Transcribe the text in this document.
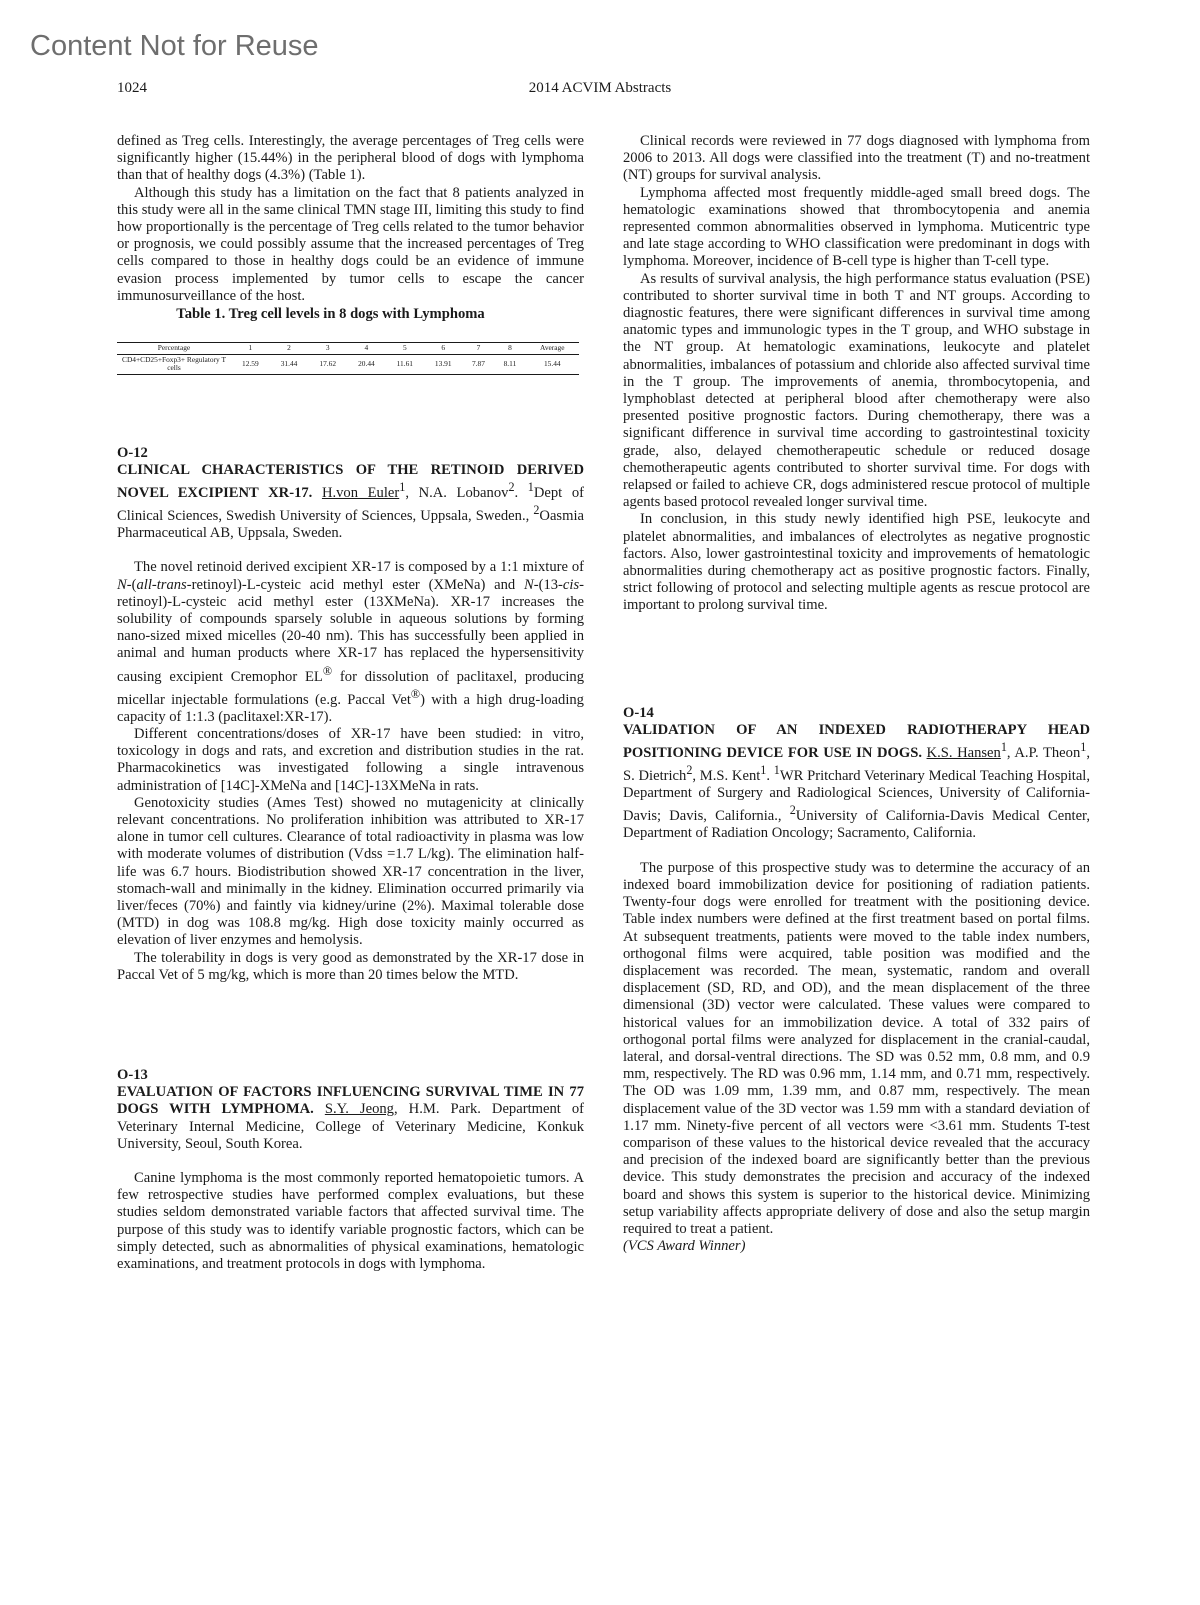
Content Not for Reuse
1024	2014 ACVIM Abstracts

defined as Treg cells. Interestingly, the average percentages of Treg cells were significantly higher (15.44%) in the peripheral blood of dogs with lymphoma than that of healthy dogs (4.3%) (Table 1).

Although this study has a limitation on the fact that 8 patients analyzed in this study were all in the same clinical TMN stage III, limiting this study to find how proportionally is the percentage of Treg cells related to the tumor behavior or prognosis, we could possibly assume that the increased percentages of Treg cells compared to those in healthy dogs could be an evidence of immune evasion process implemented by tumor cells to escape the cancer immunosurveillance of the host.

Table 1. Treg cell levels in 8 dogs with Lymphoma

Percentage	1	2	3	4	5	6	7	8	Average
CD4+CD25+Foxp3+ Regulatory T cells	12.59	31.44	17.62	20.44	11.61	13.91	7.87	8.11	15.44

O-12

CLINICAL CHARACTERISTICS OF THE RETINOID DERIVED NOVEL EXCIPIENT XR-17. H.von Euler$^1$, N.A. Lobanov$^2$. $^1$Dept of Clinical Sciences, Swedish University of Sciences, Uppsala, Sweden., $^2$Oasmia Pharmaceutical AB, Uppsala, Sweden.

The novel retinoid derived excipient XR-17 is composed by a 1:1 mixture of N-(all-trans-retinoyl)-L-cysteic acid methyl ester (XMeNa) and N-(13-cis-retinoyl)-L-cysteic acid methyl ester (13XMeNa). XR-17 increases the solubility of compounds sparsely soluble in aqueous solutions by forming nano-sized mixed micelles (20-40 nm). This has successfully been applied in animal and human products where XR-17 has replaced the hypersensitivity causing excipient Cremophor EL® for dissolution of paclitaxel, producing micellar injectable formulations (e.g. Paccal Vet®) with a high drug-loading capacity of 1:1.3 (paclitaxel:XR-17).

Different concentrations/doses of XR-17 have been studied: in vitro, toxicology in dogs and rats, and excretion and distribution studies in the rat. Pharmacokinetics was investigated following a single intravenous administration of [14C]-XMeNa and [14C]-13XMeNa in rats.

Genotoxicity studies (Ames Test) showed no mutagenicity at clinically relevant concentrations. No proliferation inhibition was attributed to XR-17 alone in tumor cell cultures. Clearance of total radioactivity in plasma was low with moderate volumes of distribution (Vdss =1.7 L/kg). The elimination half-life was 6.7 hours. Biodistribution showed XR-17 concentration in the liver, stomach-wall and minimally in the kidney. Elimination occurred primarily via liver/feces (70%) and faintly via kidney/urine (2%). Maximal tolerable dose (MTD) in dog was 108.8 mg/kg. High dose toxicity mainly occurred as elevation of liver enzymes and hemolysis.

The tolerability in dogs is very good as demonstrated by the XR-17 dose in Paccal Vet of 5 mg/kg, which is more than 20 times below the MTD.

O-13

EVALUATION OF FACTORS INFLUENCING SURVIVAL TIME IN 77 DOGS WITH LYMPHOMA. S.Y. Jeong, H.M. Park. Department of Veterinary Internal Medicine, College of Veterinary Medicine, Konkuk University, Seoul, South Korea.

Canine lymphoma is the most commonly reported hematopoietic tumors. A few retrospective studies have performed complex evaluations, but these studies seldom demonstrated variable factors that affected survival time. The purpose of this study was to identify variable prognostic factors, which can be simply detected, such as abnormalities of physical examinations, hematologic examinations, and treatment protocols in dogs with lymphoma.

Clinical records were reviewed in 77 dogs diagnosed with lymphoma from 2006 to 2013. All dogs were classified into the treatment (T) and no-treatment (NT) groups for survival analysis.

Lymphoma affected most frequently middle-aged small breed dogs. The hematologic examinations showed that thrombocytopenia and anemia represented common abnormalities observed in lymphoma. Muticentric type and late stage according to WHO classification were predominant in dogs with lymphoma. Moreover, incidence of B-cell type is higher than T-cell type.

As results of survival analysis, the high performance status evaluation (PSE) contributed to shorter survival time in both T and NT groups. According to diagnostic features, there were significant differences in survival time among anatomic types and immunologic types in the T group, and WHO substage in the NT group. At hematologic examinations, leukocyte and platelet abnormalities, imbalances of potassium and chloride also affected survival time in the T group. The improvements of anemia, thrombocytopenia, and lymphoblast detected at peripheral blood after chemotherapy were also presented positive prognostic factors. During chemotherapy, there was a significant difference in survival time according to gastrointestinal toxicity grade, also, delayed chemotherapeutic schedule or reduced dosage chemotherapeutic agents contributed to shorter survival time. For dogs with relapsed or failed to achieve CR, dogs administered rescue protocol of multiple agents based protocol revealed longer survival time.

In conclusion, in this study newly identified high PSE, leukocyte and platelet abnormalities, and imbalances of electrolytes as negative prognostic factors. Also, lower gastrointestinal toxicity and improvements of hematologic abnormalities during chemotherapy act as positive prognostic factors. Finally, strict following of protocol and selecting multiple agents as rescue protocol are important to prolong survival time.

O-14

VALIDATION OF AN INDEXED RADIOTHERAPY HEAD POSITIONING DEVICE FOR USE IN DOGS. K.S. Hansen$^1$, A.P. Theon$^1$, S. Dietrich$^2$, M.S. Kent$^1$. $^1$WR Pritchard Veterinary Medical Teaching Hospital, Department of Surgery and Radiological Sciences, University of California-Davis; Davis, California., $^2$University of California-Davis Medical Center, Department of Radiation Oncology; Sacramento, California.

The purpose of this prospective study was to determine the accuracy of an indexed board immobilization device for positioning of radiation patients. Twenty-four dogs were enrolled for treatment with the positioning device. Table index numbers were defined at the first treatment based on portal films. At subsequent treatments, patients were moved to the table index numbers, orthogonal films were acquired, table position was modified and the displacement was recorded. The mean, systematic, random and overall displacement (SD, RD, and OD), and the mean displacement of the three dimensional (3D) vector were calculated. These values were compared to historical values for an immobilization device. A total of 332 pairs of orthogonal portal films were analyzed for displacement in the cranial-caudal, lateral, and dorsal-ventral directions. The SD was 0.52 mm, 0.8 mm, and 0.9 mm, respectively. The RD was 0.96 mm, 1.14 mm, and 0.71 mm, respectively. The OD was 1.09 mm, 1.39 mm, and 0.87 mm, respectively. The mean displacement value of the 3D vector was 1.59 mm with a standard deviation of 1.17 mm. Ninety-five percent of all vectors were <3.61 mm. Students T-test comparison of these values to the historical device revealed that the accuracy and precision of the indexed board are significantly better than the previous device. This study demonstrates the precision and accuracy of the indexed board and shows this system is superior to the historical device. Minimizing setup variability affects appropriate delivery of dose and also the setup margin required to treat a patient.

(VCS Award Winner)
